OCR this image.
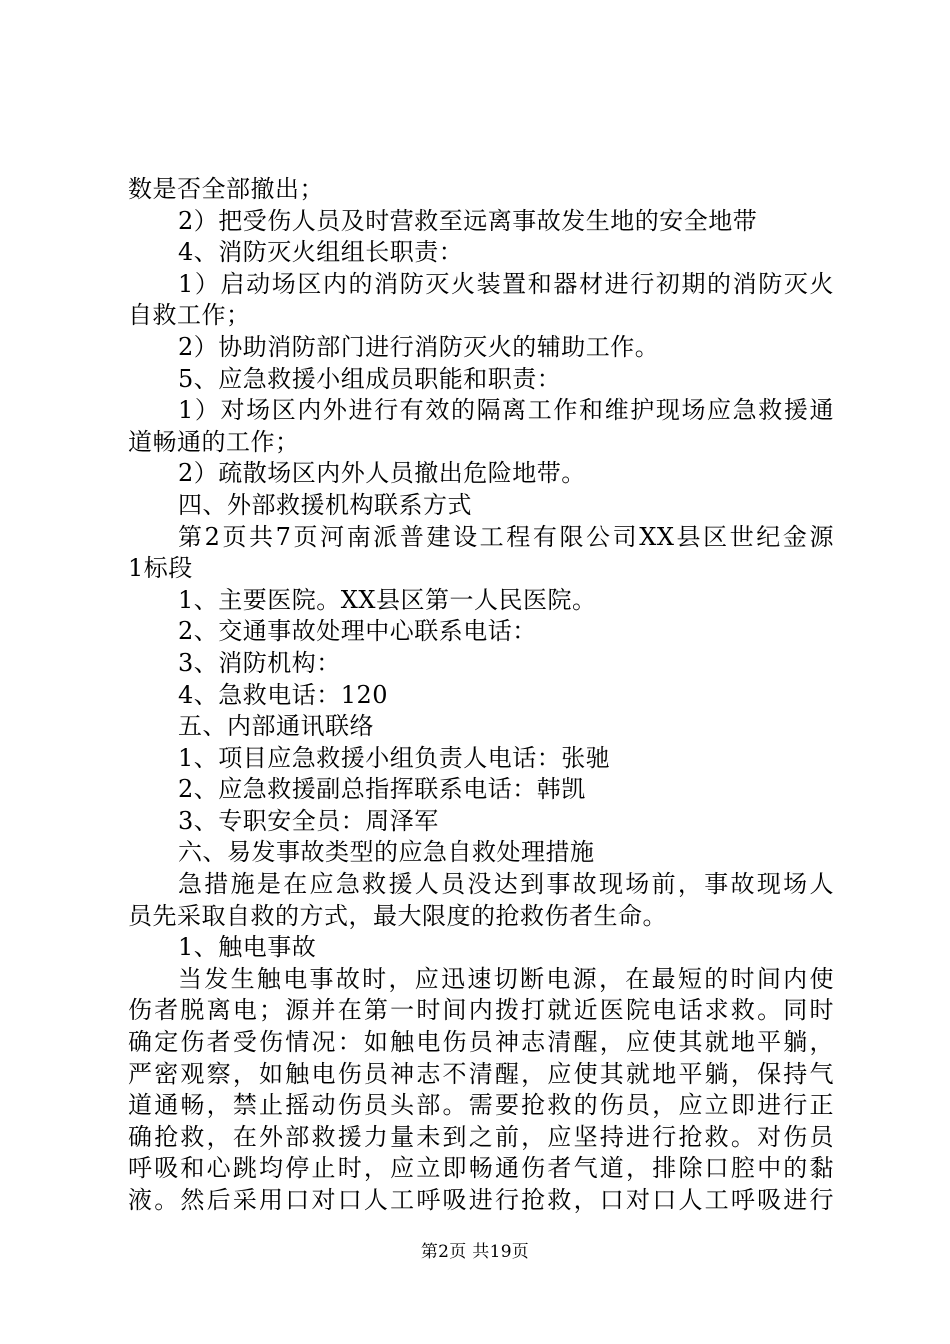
数是否全部撤出；
2）把受伤人员及时营救至远离事故发生地的安全地带
4、消防灭火组组长职责：
1）启动场区内的消防灭火装置和器材进行初期的消防灭火
自救工作；
2）协助消防部门进行消防灭火的辅助工作。
5、应急救援小组成员职能和职责：
1）对场区内外进行有效的隔离工作和维护现场应急救援通
道畅通的工作；
2）疏散场区内外人员撤出危险地带。
四、外部救援机构联系方式
第2页共7页河南派普建设工程有限公司XX县区世纪金源
1标段
1、主要医院。XX县区第一人民医院。
2、交通事故处理中心联系电话：
3、消防机构：
4、急救电话：120
五、内部通讯联络
1、项目应急救援小组负责人电话：张驰
2、应急救援副总指挥联系电话：韩凯
3、专职安全员：周泽军
六、易发事故类型的应急自救处理措施
急措施是在应急救援人员没达到事故现场前，事故现场人
员先采取自救的方式，最大限度的抢救伤者生命。
1、触电事故
当发生触电事故时，应迅速切断电源，在最短的时间内使
伤者脱离电；源并在第一时间内拨打就近医院电话求救。同时
确定伤者受伤情况：如触电伤员神志清醒，应使其就地平躺，
严密观察，如触电伤员神志不清醒，应使其就地平躺，保持气
道通畅，禁止摇动伤员头部。需要抢救的伤员，应立即进行正
确抢救，在外部救援力量未到之前，应坚持进行抢救。对伤员
呼吸和心跳均停止时，应立即畅通伤者气道，排除口腔中的黏
液。然后采用口对口人工呼吸进行抢救，口对口人工呼吸进行
第2页 共19页
